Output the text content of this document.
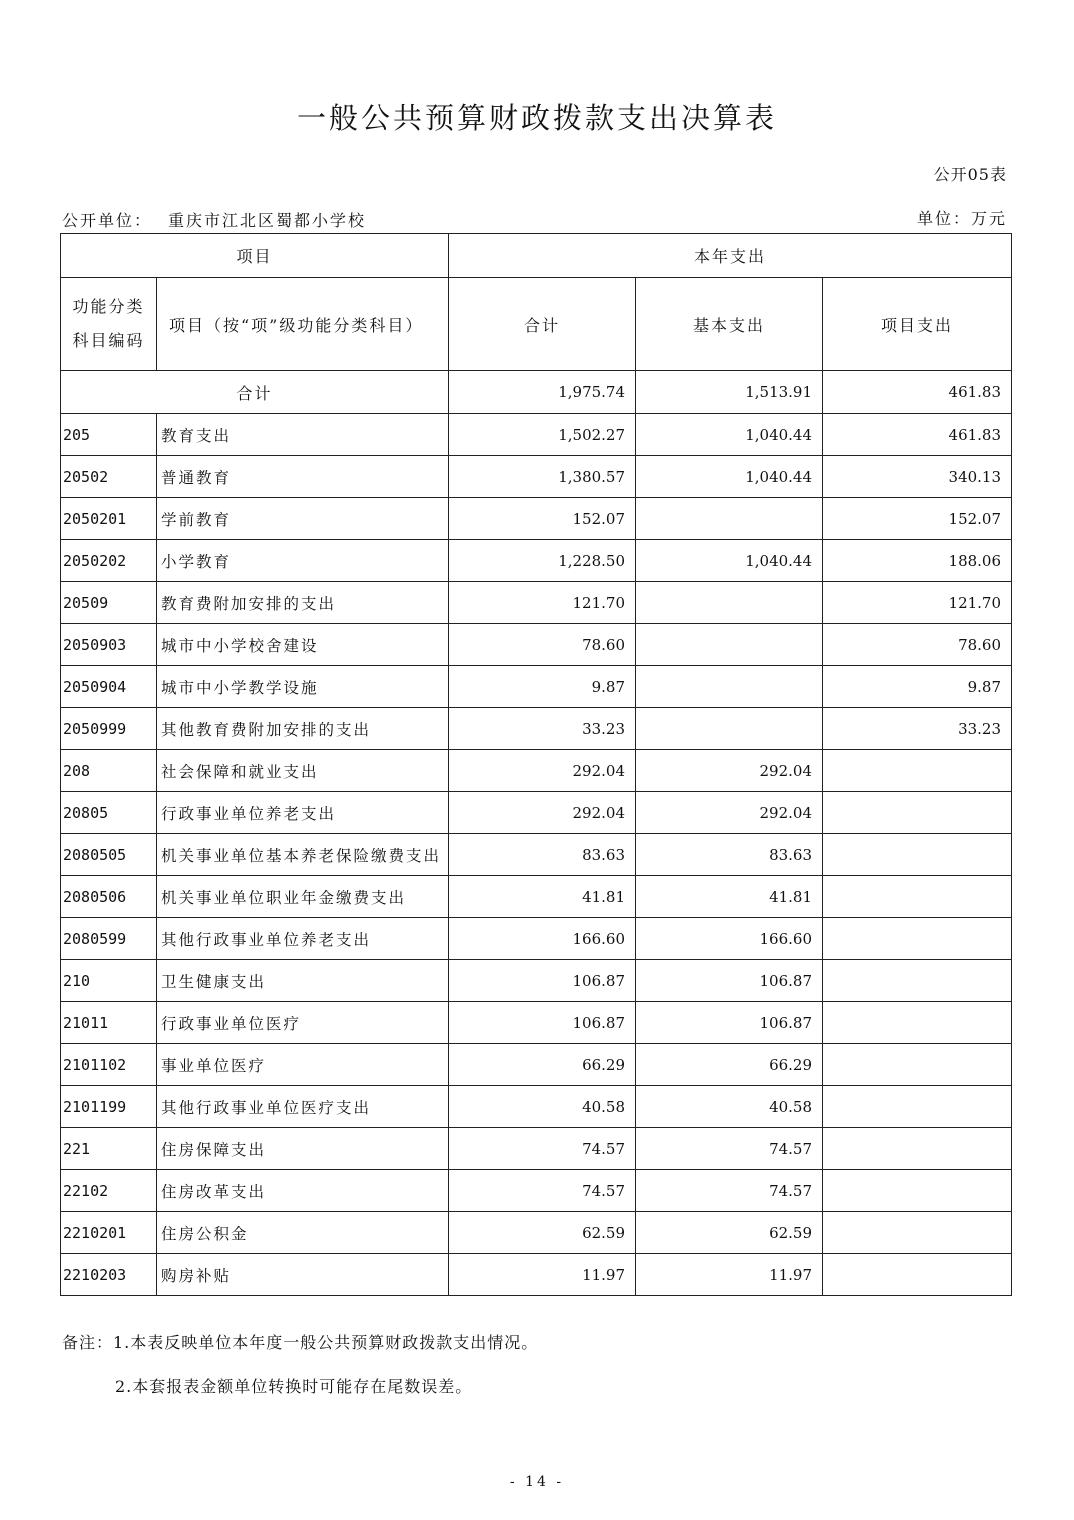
一般公共预算财政拨款支出决算表
公开05表
公开单位： 重庆市江北区蜀都小学校	单位：万元
项目		本年支出		
功能分类科目编码	项目（按“项”级功能分类科目）	合计	基本支出	项目支出
合计		1,975.74	1,513.91	461.83
205	教育支出	1,502.27	1,040.44	461.83
20502	普通教育	1,380.57	1,040.44	340.13
2050201	学前教育	152.07		152.07
2050202	小学教育	1,228.50	1,040.44	188.06
20509	教育费附加安排的支出	121.70		121.70
2050903	城市中小学校舍建设	78.60		78.60
2050904	城市中小学教学设施	9.87		9.87
2050999	其他教育费附加安排的支出	33.23		33.23
208	社会保障和就业支出	292.04	292.04	
20805	行政事业单位养老支出	292.04	292.04	
2080505	机关事业单位基本养老保险缴费支出	83.63	83.63	
2080506	机关事业单位职业年金缴费支出	41.81	41.81	
2080599	其他行政事业单位养老支出	166.60	166.60	
210	卫生健康支出	106.87	106.87	
21011	行政事业单位医疗	106.87	106.87	
2101102	事业单位医疗	66.29	66.29	
2101199	其他行政事业单位医疗支出	40.58	40.58	
221	住房保障支出	74.57	74.57	
22102	住房改革支出	74.57	74.57	
2210201	住房公积金	62.59	62.59	
2210203	购房补贴	11.97	11.97	
备注：1.本表反映单位本年度一般公共预算财政拨款支出情况。
2.本套报表金额单位转换时可能存在尾数误差。
- 14 -
